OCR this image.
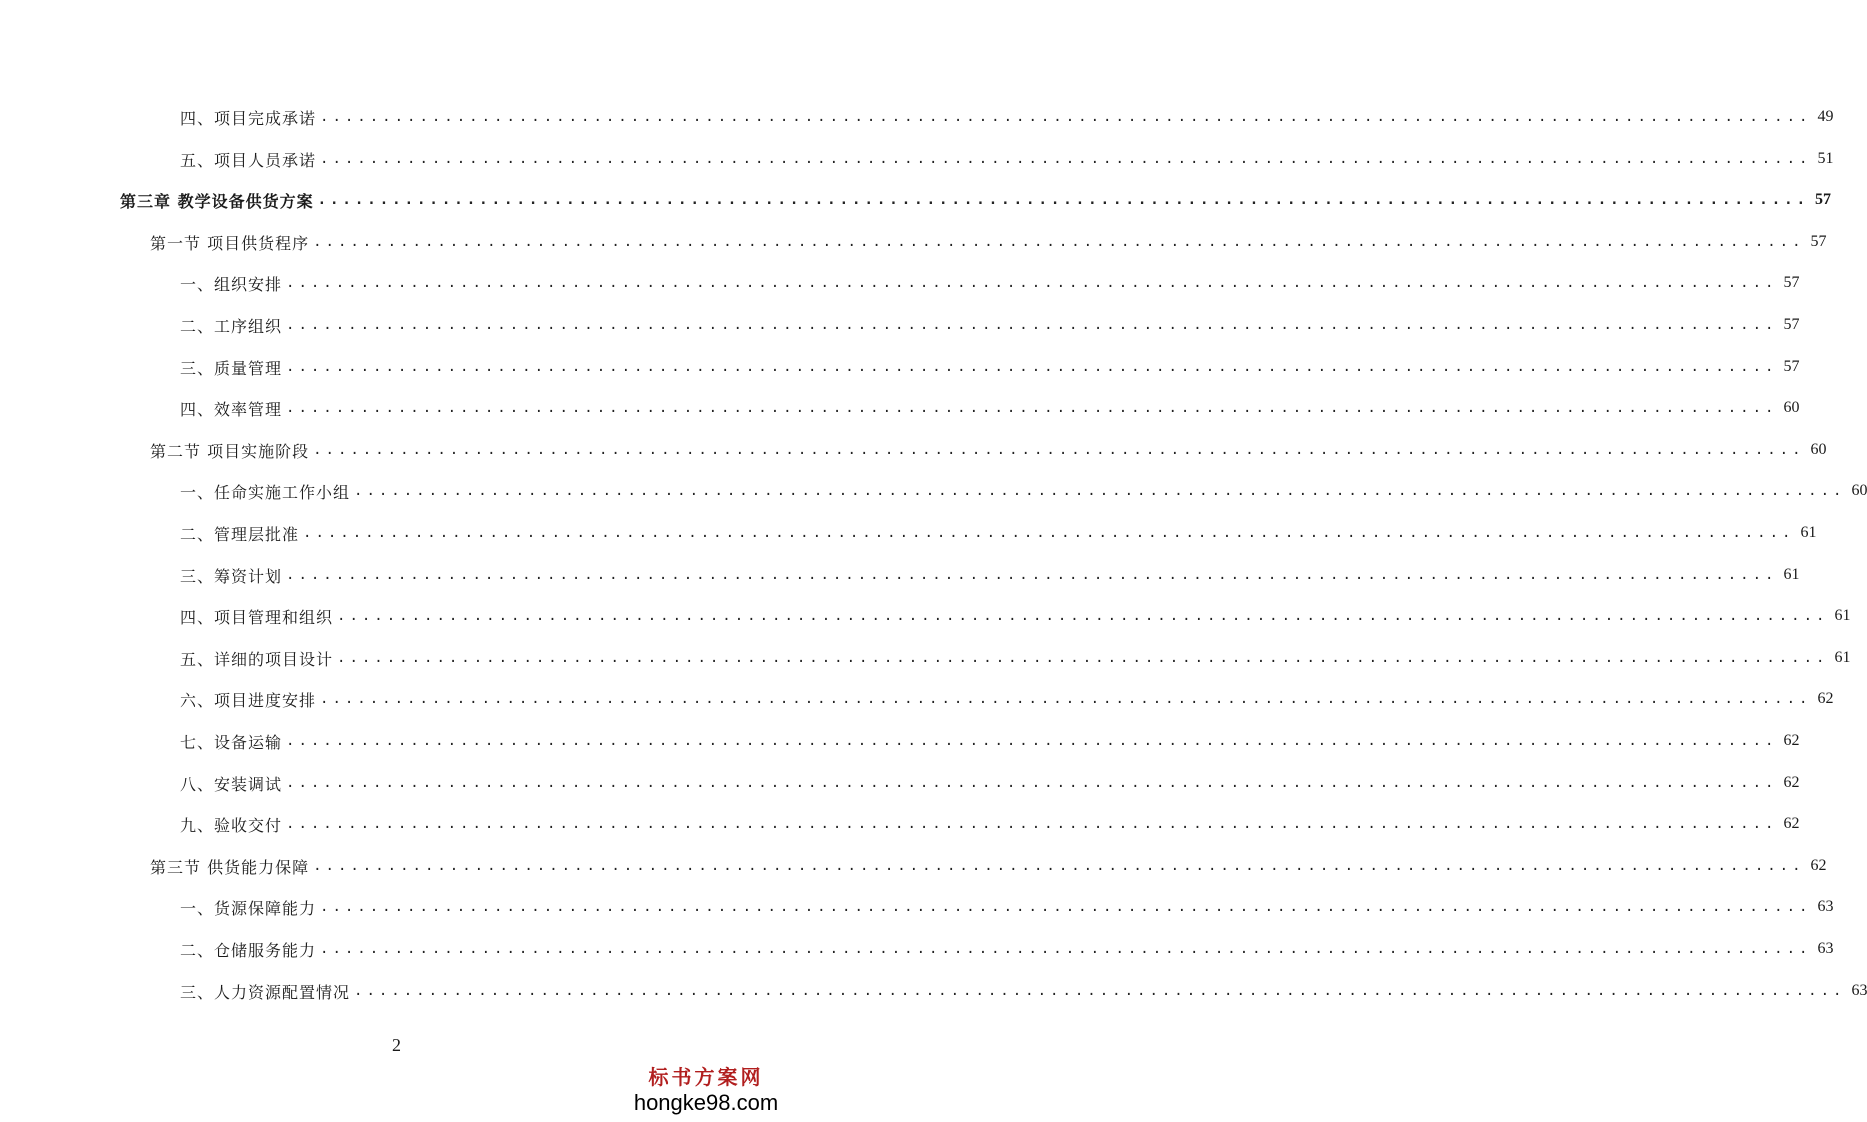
四、项目完成承诺 ........................................................................................................................ 49
五、项目人员承诺 ........................................................................................................................ 51
第三章 教学设备供货方案 ........................................................................................................................ 57
第一节 项目供货程序 ........................................................................................................................ 57
一、组织安排 ........................................................................................................................ 57
二、工序组织 ........................................................................................................................ 57
三、质量管理 ........................................................................................................................ 57
四、效率管理 ........................................................................................................................ 60
第二节 项目实施阶段 ........................................................................................................................ 60
一、任命实施工作小组 ........................................................................................................................ 60
二、管理层批准 ........................................................................................................................ 61
三、筹资计划 ........................................................................................................................ 61
四、项目管理和组织 ........................................................................................................................ 61
五、详细的项目设计 ........................................................................................................................ 61
六、项目进度安排 ........................................................................................................................ 62
七、设备运输 ........................................................................................................................ 62
八、安装调试 ........................................................................................................................ 62
九、验收交付 ........................................................................................................................ 62
第三节 供货能力保障 ........................................................................................................................ 62
一、货源保障能力 ........................................................................................................................ 63
二、仓储服务能力 ........................................................................................................................ 63
三、人力资源配置情况 ........................................................................................................................ 63
2
标书方案网
hongke98.com
